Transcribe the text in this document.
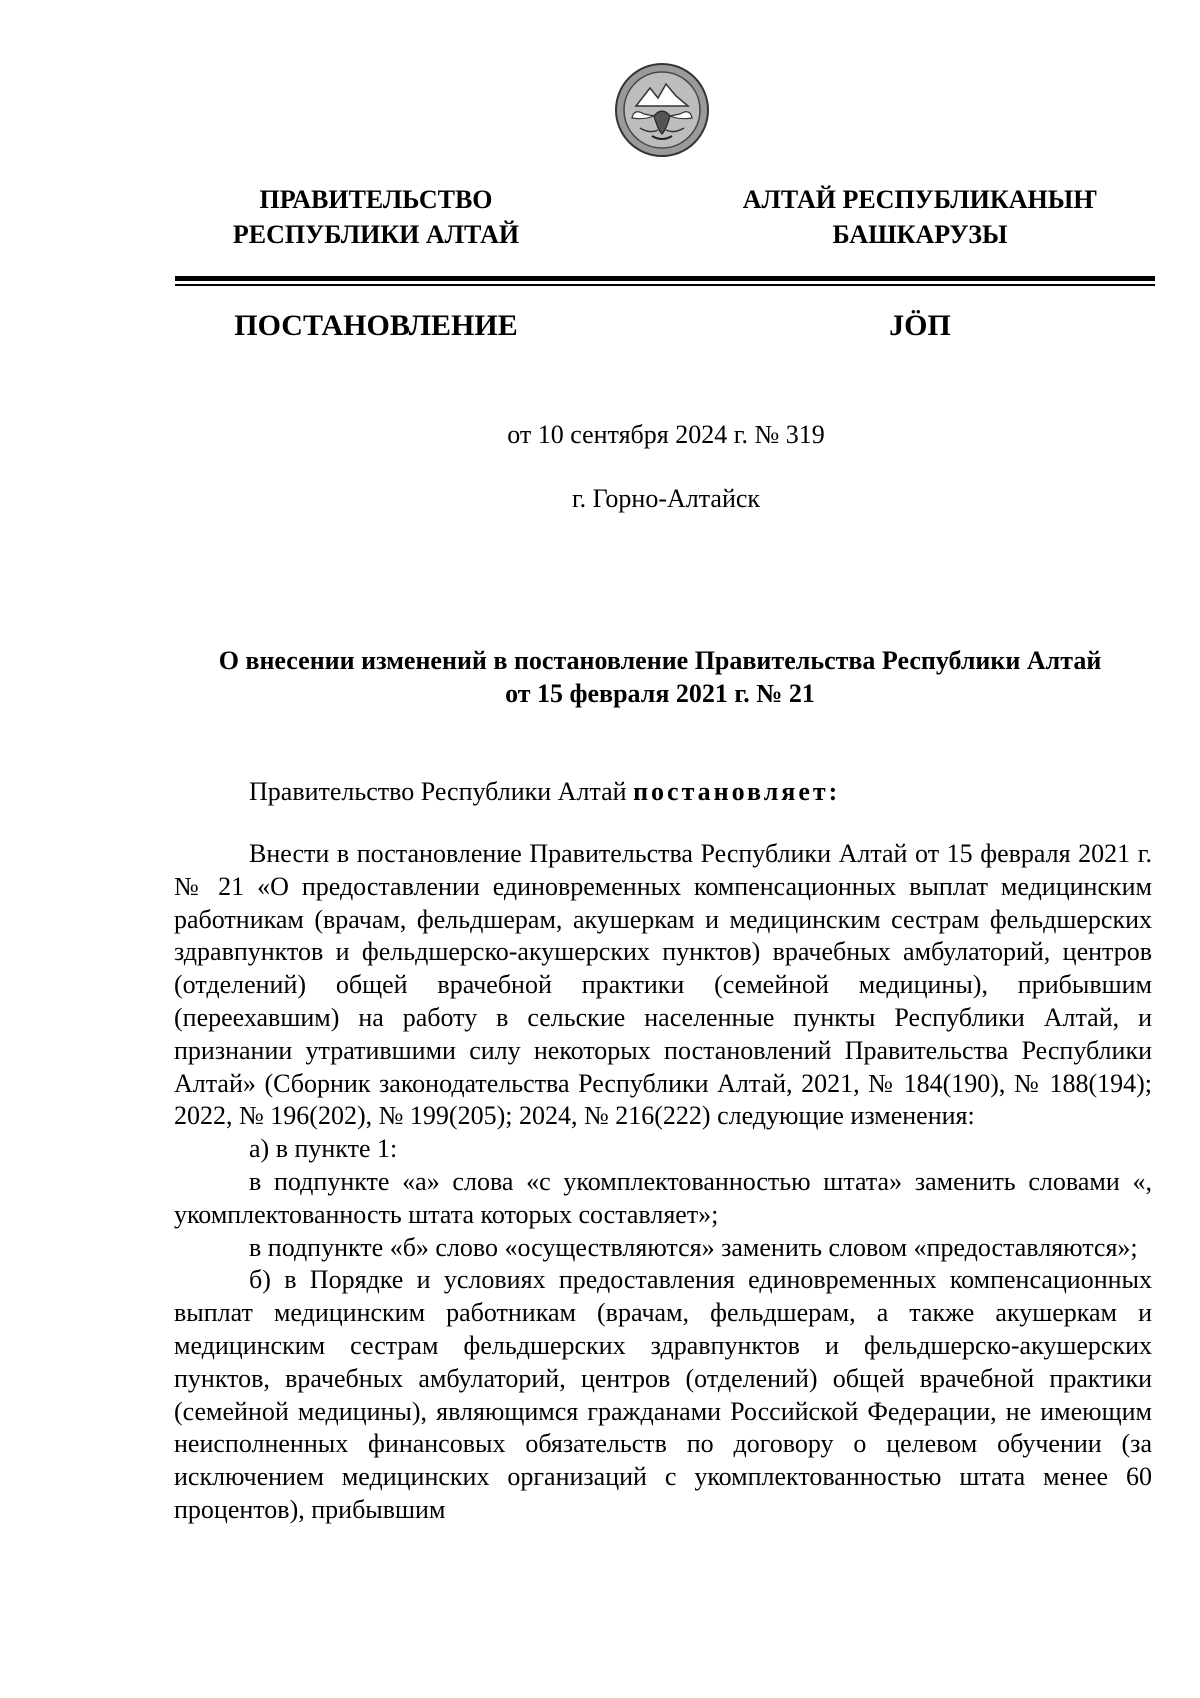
ПРАВИТЕЛЬСТВО
РЕСПУБЛИКИ АЛТАЙ
АЛТАЙ РЕСПУБЛИКАНЫҤ
БАШКАРУЗЫ
ПОСТАНОВЛЕНИЕ	JӦП
от 10 сентября 2024 г. № 319
г. Горно-Алтайск
О внесении изменений в постановление Правительства Республики Алтай
от 15 февраля 2021 г. № 21
Правительство Республики Алтай постановляет:

Внести в постановление Правительства Республики Алтай от 15 февраля 2021 г. № 21 «О предоставлении единовременных компенсационных выплат медицинским работникам (врачам, фельдшерам, акушеркам и медицинским сестрам фельдшерских здравпунктов и фельдшерско-акушерских пунктов) врачебных амбулаторий, центров (отделений) общей врачебной практики (семейной медицины), прибывшим (переехавшим) на работу в сельские населенные пункты Республики Алтай, и признании утратившими силу некоторых постановлений Правительства Республики Алтай» (Сборник законодательства Республики Алтай, 2021, № 184(190), № 188(194); 2022, № 196(202), № 199(205); 2024, № 216(222) следующие изменения:

а) в пункте 1:

в подпункте «а» слова «с укомплектованностью штата» заменить словами «, укомплектованность штата которых составляет»;

в подпункте «б» слово «осуществляются» заменить словом «предоставляются»;

б) в Порядке и условиях предоставления единовременных компенсационных выплат медицинским работникам (врачам, фельдшерам, а также акушеркам и медицинским сестрам фельдшерских здравпунктов и фельдшерско-акушерских пунктов, врачебных амбулаторий, центров (отделений) общей врачебной практики (семейной медицины), являющимся гражданами Российской Федерации, не имеющим неисполненных финансовых обязательств по договору о целевом обучении (за исключением медицинских организаций с укомплектованностью штата менее 60 процентов), прибывшим
